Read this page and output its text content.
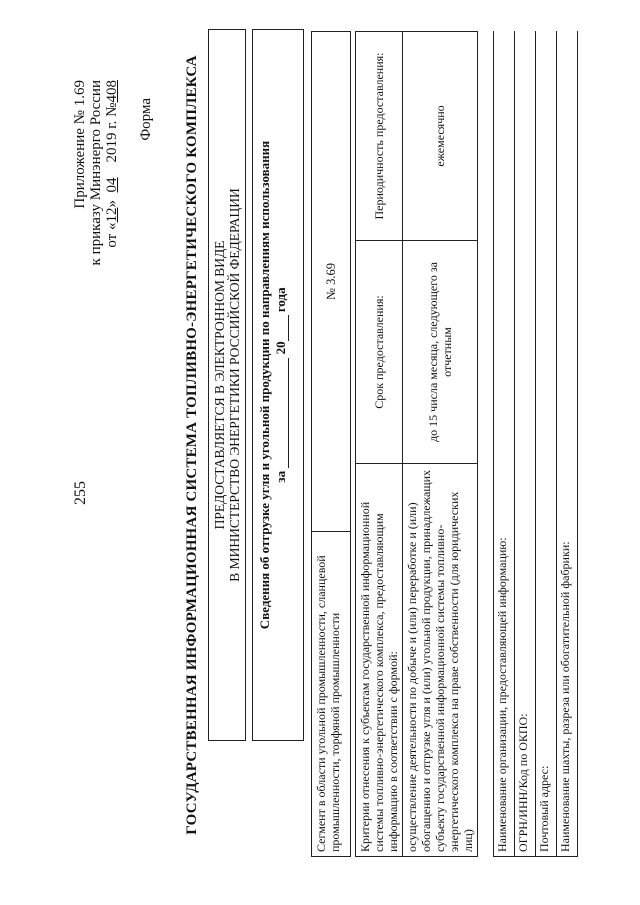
255
Приложение № 1.69 к приказу Минэнерго России от «12»  04    2019 г. №408
Форма ГОСУДАРСТВЕННАЯ ИНФОРМАЦИОННАЯ СИСТЕМА ТОПЛИВНО-ЭНЕРГЕТИЧЕСКОГО КОМПЛЕКСА ПРЕДОСТАВЛЯЕТСЯ В ЭЛЕКТРОННОМ ВИДЕ В МИНИСТЕРСТВО ЭНЕРГЕТИКИ РОССИЙСКОЙ ФЕДЕРАЦИИ	Сведения об отгрузке угля и угольной продукции по направлениям использования за  20 года
Сегмент в области угольной промышленности, сланцевой промышленности, торфяной промышленности	№ 3.69
Критерии отнесения к субъектам государственной информационной системы топливно-энергетического комплекса, предоставляющим информацию в соответствии с формой:	Срок предоставления:	Периодичность предоставления:
осуществление деятельности по добыче и (или) переработке и (или) обогащению и отгрузке угля и (или) угольной продукции, принадлежащих субъекту государственной информационной системы топливно-энергетического комплекса на праве собственности (для юридических лиц)	до 15 числа месяца, следующего за отчетным	ежемесячно
Наименование организации, предоставляющей информацию:	
ОГРН/ИНН/Код по ОКПО:	
Почтовый адрес:	
Наименование шахты, разреза или обогатительной фабрики:	
